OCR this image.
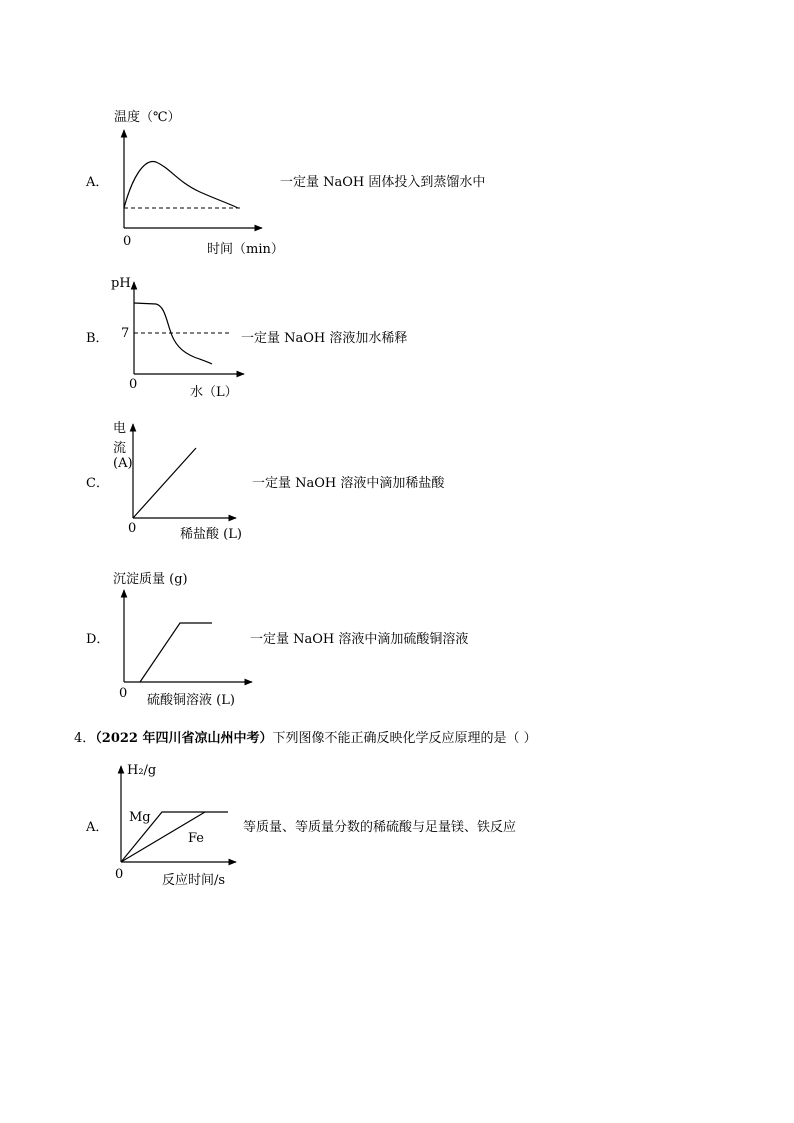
温度（℃）
A．
0
时间（min）
一定量 NaOH 固体投入到蒸馏水中
pH
B． 7
0
水（L）
一定量 NaOH 溶液加水稀释
电
流
(A)
C．
0	稀盐酸 (L)
一定量 NaOH 溶液中滴加稀盐酸
沉淀质量 (g)
D．
0 硫酸铜溶液 (L)
一定量 NaOH 溶液中滴加硫酸铜溶液
4．（2022 年四川省凉山州中考）下列图像不能正确反映化学反应原理的是（ ）
H₂/g
A．
Mg
Fe
0	反应时间/s
等质量、等质量分数的稀硫酸与足量镁、铁反应
